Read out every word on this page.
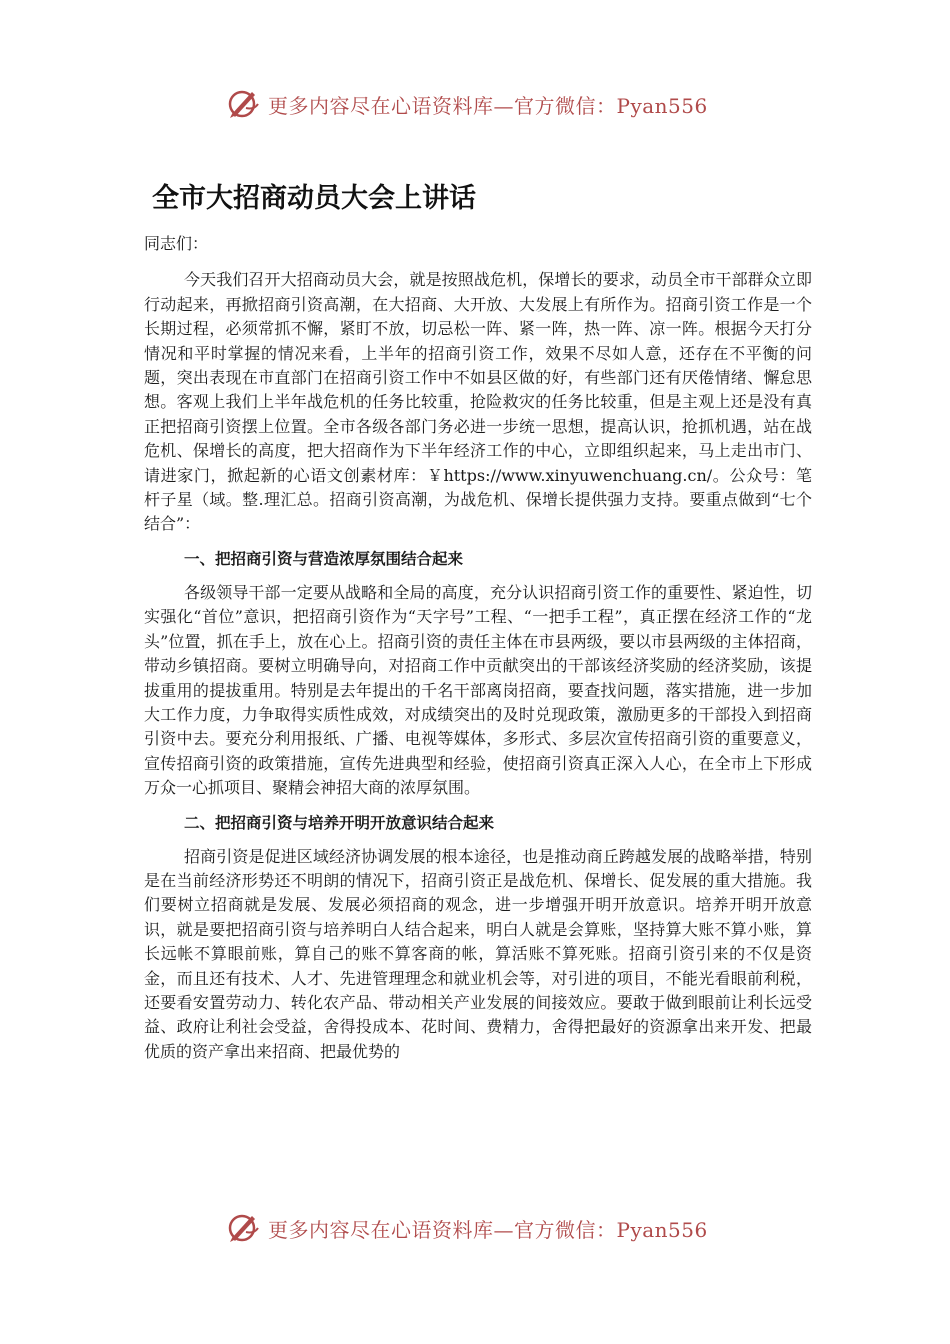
更多内容尽在心语资料库—官方微信：Pyan556
全市大招商动员大会上讲话

同志们：

今天我们召开大招商动员大会，就是按照战危机，保增长的要求，动员全市干部群众立即行动起来，再掀招商引资高潮，在大招商、大开放、大发展上有所作为。招商引资工作是一个长期过程，必须常抓不懈，紧盯不放，切忌松一阵、紧一阵，热一阵、凉一阵。根据今天打分情况和平时掌握的情况来看，上半年的招商引资工作，效果不尽如人意，还存在不平衡的问题，突出表现在市直部门在招商引资工作中不如县区做的好，有些部门还有厌倦情绪、懈怠思想。客观上我们上半年战危机的任务比较重，抢险救灾的任务比较重，但是主观上还是没有真正把招商引资摆上位置。全市各级各部门务必进一步统一思想，提高认识，抢抓机遇，站在战危机、保增长的高度，把大招商作为下半年经济工作的中心，立即组织起来，马上走出市门、请进家门，掀起新的心语文创素材库：￥https://www.xinyuwenchuang.cn/。公众号：笔杆子星（域。整.理汇总。招商引资高潮，为战危机、保增长提供强力支持。要重点做到“七个结合”：

一、把招商引资与营造浓厚氛围结合起来

各级领导干部一定要从战略和全局的高度，充分认识招商引资工作的重要性、紧迫性，切实强化“首位”意识，把招商引资作为“天字号”工程、“一把手工程”，真正摆在经济工作的“龙头”位置，抓在手上，放在心上。招商引资的责任主体在市县两级，要以市县两级的主体招商，带动乡镇招商。要树立明确导向，对招商工作中贡献突出的干部该经济奖励的经济奖励，该提拔重用的提拔重用。特别是去年提出的千名干部离岗招商，要查找问题，落实措施，进一步加大工作力度，力争取得实质性成效，对成绩突出的及时兑现政策，激励更多的干部投入到招商引资中去。要充分利用报纸、广播、电视等媒体，多形式、多层次宣传招商引资的重要意义，宣传招商引资的政策措施，宣传先进典型和经验，使招商引资真正深入人心，在全市上下形成万众一心抓项目、聚精会神招大商的浓厚氛围。

二、把招商引资与培养开明开放意识结合起来

招商引资是促进区域经济协调发展的根本途径，也是推动商丘跨越发展的战略举措，特别是在当前经济形势还不明朗的情况下，招商引资正是战危机、保增长、促发展的重大措施。我们要树立招商就是发展、发展必须招商的观念，进一步增强开明开放意识。培养开明开放意识，就是要把招商引资与培养明白人结合起来，明白人就是会算账，坚持算大账不算小账，算长远帐不算眼前账，算自己的账不算客商的帐，算活账不算死账。招商引资引来的不仅是资金，而且还有技术、人才、先进管理理念和就业机会等，对引进的项目，不能光看眼前利税，还要看安置劳动力、转化农产品、带动相关产业发展的间接效应。要敢于做到眼前让利长远受益、政府让利社会受益，舍得投成本、花时间、费精力，舍得把最好的资源拿出来开发、把最优质的资产拿出来招商、把最优势的

更多内容尽在心语资料库—官方微信：Pyan556
